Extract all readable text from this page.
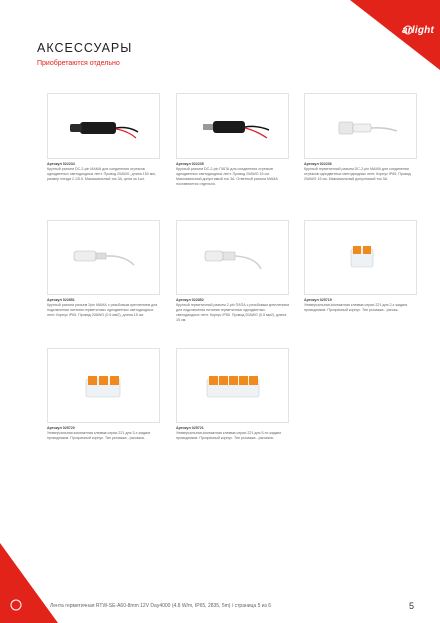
arlight
АКСЕССУАРЫ

Приобретаются отдельно

Артикул 022234
Круглый разъем DC-2-pin МАМА для соединения отрезков однодветных светодиодных лент. Провод 20AWG, длина 150 мм, размер гнезда 2.1/5.5. Максимальный ток 3А, цена за 1шт.
Артикул 022235
Круглый разъем DC-2-pin ПАПА для соединения отрезков однодветных светодиодных лент. Провод 20AWG 15 см. Максимальный допустимый ток 3А. Ответный разъем МАМА поставляется отдельно.
Артикул 022236
Круглый герметичный разъем DC-2-pin МАМА для соединения отрезков однодветных светодиодных лент. Корпус IP65. Провод 20AWG 15 см. Максимальный допустимый ток 3А.
Артикул 022851
Круглый разъем разъем 2pin МАМА с резьбовым креплением для подключения питания герметичных однодветных светодиодных лент. Корпус IP65. Провод 20AWG (0.5 мм2), длина 15 см.
Артикул 022852
Круглый герметичный разъем 2-pin ПАПА с резьбовым креплением для подключения питания герметичных однодветных светодиодных лент. Корпус IP65. Провод 20AWG (0.5 мм2), длина 15 см.
Артикул 025719
Универсальная компактная клемма серии 221 для 2-х жидких проводников. Прозрачный корпус. Тип рычажка - рычаж.
Артикул 025720
Универсальная компактная клемма серии 221 для 3-х жидких проводников. Прозрачный корпус. Тип рычажка - рычажок.
Артикул 025721
Универсальная компактная клемма серии 221 для 5-ти жидких проводников. Прозрачный корпус. Тип рычажка - рычажок.

Лента герметичная RTW-SE-A60-8mm 12V Day4000 (4.8 W/m, IP65, 2835, 5m) / страница 5 из 6	5
